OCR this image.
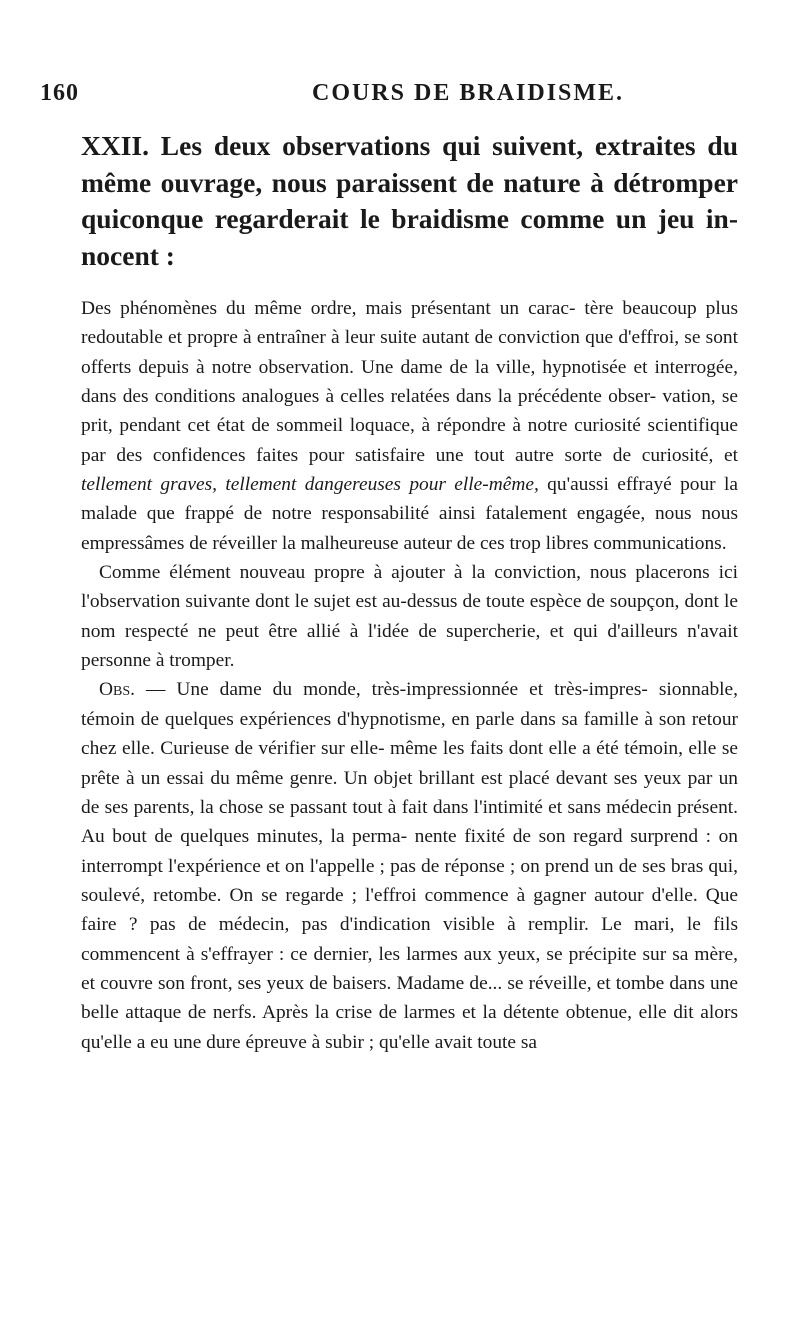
160	COURS DE BRAIDISME.

XXII. Les deux observations qui suivent, extraites du même ouvrage, nous paraissent de nature à détromper quiconque regarderait le braidisme comme un jeu in- nocent :

Des phénomènes du même ordre, mais présentant un carac- tère beaucoup plus redoutable et propre à entraîner à leur suite autant de conviction que d'effroi, se sont offerts depuis à notre observation. Une dame de la ville, hypnotisée et interrogée, dans des conditions analogues à celles relatées dans la précédente obser- vation, se prit, pendant cet état de sommeil loquace, à répondre à notre curiosité scientifique par des confidences faites pour satisfaire une tout autre sorte de curiosité, et tellement graves, tellement dangereuses pour elle-même, qu'aussi effrayé pour la malade que frappé de notre responsabilité ainsi fatalement engagée, nous nous empressâmes de réveiller la malheureuse auteur de ces trop libres communications.

Comme élément nouveau propre à ajouter à la conviction, nous placerons ici l'observation suivante dont le sujet est au-dessus de toute espèce de soupçon, dont le nom respecté ne peut être allié à l'idée de supercherie, et qui d'ailleurs n'avait personne à tromper.

Obs. — Une dame du monde, très-impressionnée et très-impres- sionnable, témoin de quelques expériences d'hypnotisme, en parle dans sa famille à son retour chez elle. Curieuse de vérifier sur elle- même les faits dont elle a été témoin, elle se prête à un essai du même genre. Un objet brillant est placé devant ses yeux par un de ses parents, la chose se passant tout à fait dans l'intimité et sans médecin présent. Au bout de quelques minutes, la perma- nente fixité de son regard surprend : on interrompt l'expérience et on l'appelle ; pas de réponse ; on prend un de ses bras qui, soulevé, retombe. On se regarde ; l'effroi commence à gagner autour d'elle. Que faire ? pas de médecin, pas d'indication visible à remplir. Le mari, le fils commencent à s'effrayer : ce dernier, les larmes aux yeux, se précipite sur sa mère, et couvre son front, ses yeux de baisers. Madame de... se réveille, et tombe dans une belle attaque de nerfs. Après la crise de larmes et la détente obtenue, elle dit alors qu'elle a eu une dure épreuve à subir ; qu'elle avait toute sa
